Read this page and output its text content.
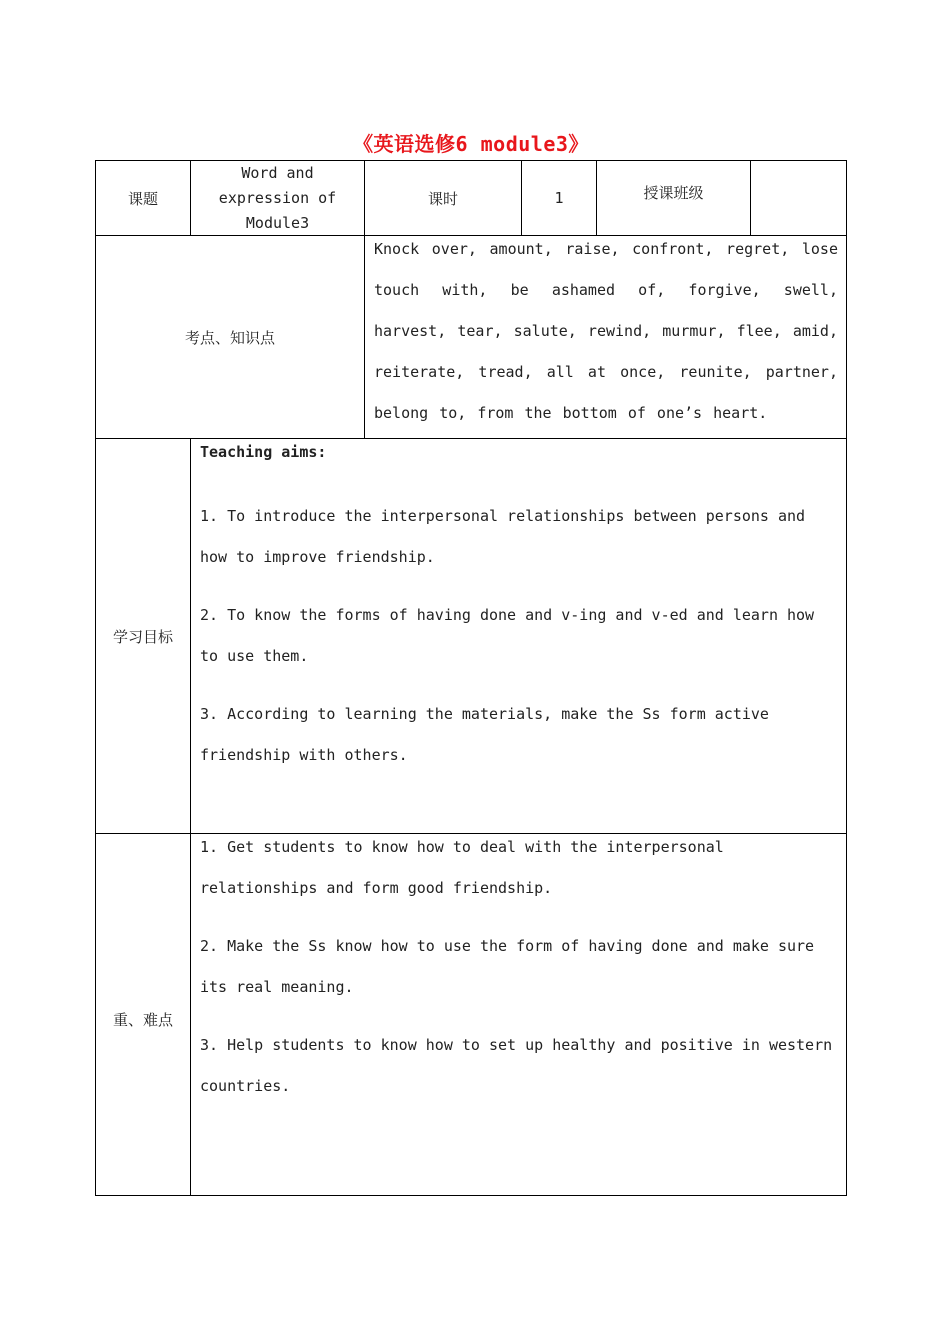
《英语选修6 module3》
课题
Word and expression of Module3
课时	1	授课班级
考点、知识点
Knock over, amount, raise, confront, regret, lose touch with, be ashamed of, forgive, swell, harvest, tear, salute, rewind, murmur, flee, amid, reiterate, tread, all at once, reunite, partner, belong to, from the bottom of one’s heart.
学习目标
Teaching aims:
1. To introduce the interpersonal relationships between persons and how to improve friendship.
2. To know the forms of having done and v-ing and v-ed and learn how to use them.
3. According to learning the materials, make the Ss form active friendship with others.
重、难点
1. Get students to know how to deal with the interpersonal relationships and form good friendship.
2. Make the Ss know how to use the form of having done and make sure its real meaning.
3. Help students to know how to set up healthy and positive in western countries.
